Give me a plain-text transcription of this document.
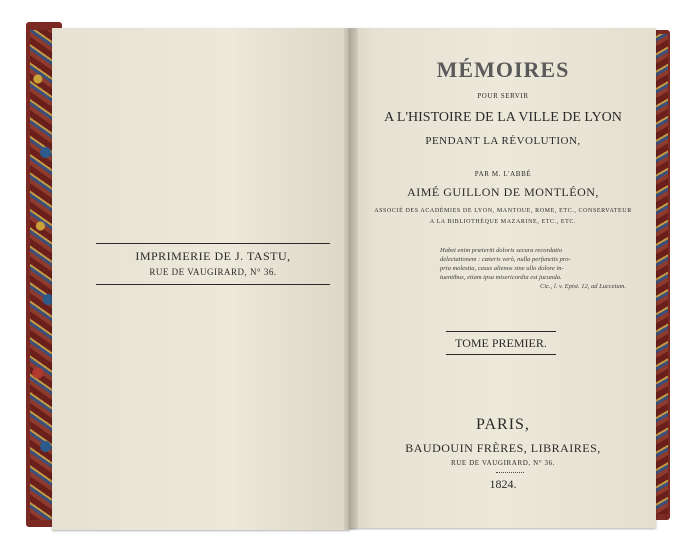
IMPRIMERIE DE J. TASTU,
RUE DE VAUGIRARD, N° 36.
MÉMOIRES
POUR SERVIR
A L'HISTOIRE DE LA VILLE DE LYON
PENDANT LA RÉVOLUTION,
PAR M. L'ABBÉ
AIMÉ GUILLON DE MONTLÉON,
ASSOCIÉ DES ACADÉMIES DE LYON, MANTOUE, ROME, ETC., CONSERVATEUR
A LA BIBLIOTHÈQUE MAZARINE, ETC., ETC.
Habet enim præteriti doloris secura recordatio
delectationem : cæteris verò, nulla perfunctis pro-
pria molestia, casus alienos sine ullo dolore in-
tuentibus, etiam ipsa misericordia est jucunda.
Cic., l. v. Epist. 12, ad Lucceium.
TOME PREMIER.
PARIS,
BAUDOUIN FRÈRES, LIBRAIRES,
RUE DE VAUGIRARD, N° 36.
1824.
